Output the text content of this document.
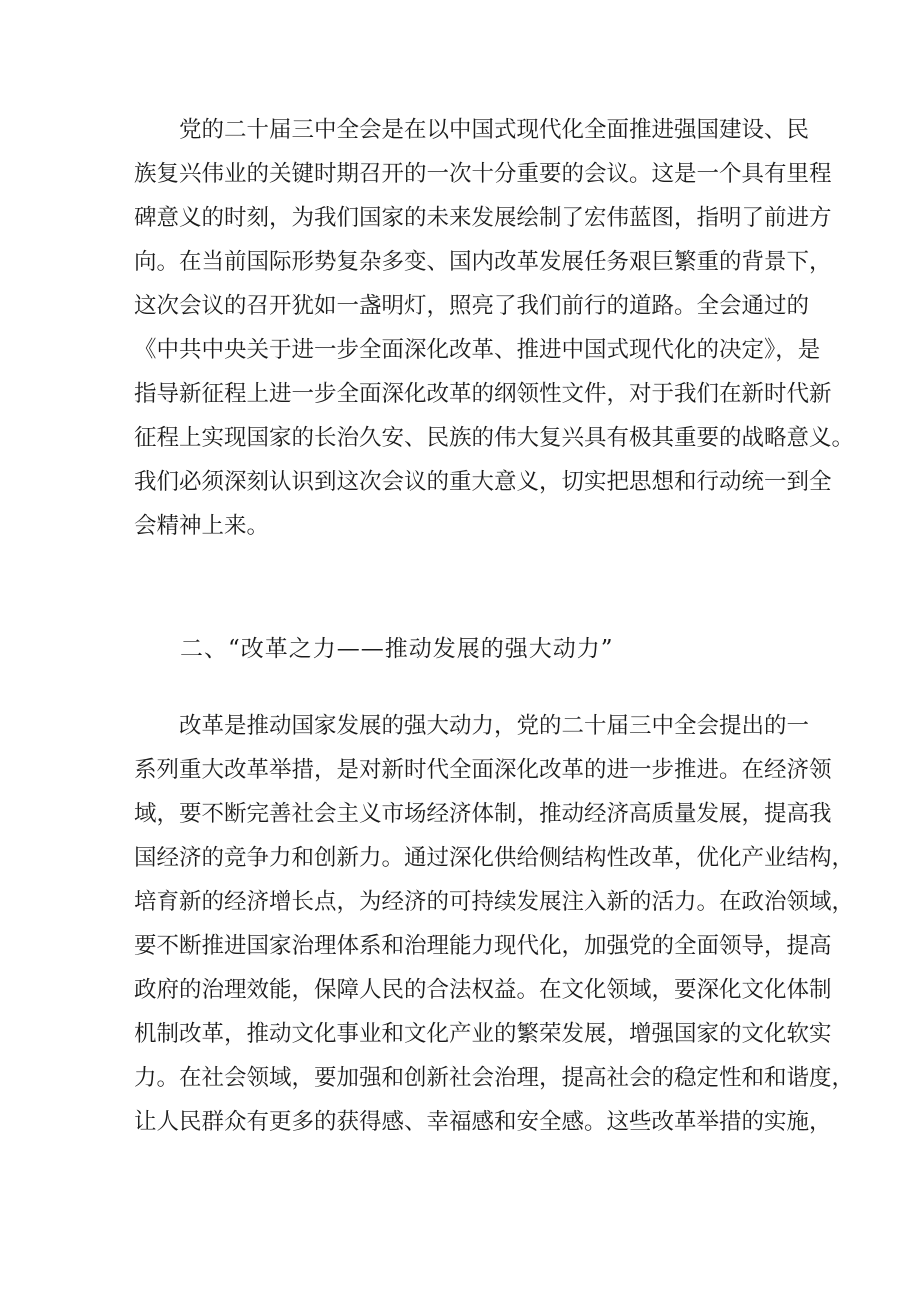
党的二十届三中全会是在以中国式现代化全面推进强国建设、民
族复兴伟业的关键时期召开的一次十分重要的会议。这是一个具有里程
碑意义的时刻，为我们国家的未来发展绘制了宏伟蓝图，指明了前进方
向。在当前国际形势复杂多变、国内改革发展任务艰巨繁重的背景下，
这次会议的召开犹如一盏明灯，照亮了我们前行的道路。全会通过的
《中共中央关于进一步全面深化改革、推进中国式现代化的决定》，是
指导新征程上进一步全面深化改革的纲领性文件，对于我们在新时代新
征程上实现国家的长治久安、民族的伟大复兴具有极其重要的战略意义。
我们必须深刻认识到这次会议的重大意义，切实把思想和行动统一到全
会精神上来。
二、“改革之力——推动发展的强大动力”
改革是推动国家发展的强大动力，党的二十届三中全会提出的一
系列重大改革举措，是对新时代全面深化改革的进一步推进。在经济领
域，要不断完善社会主义市场经济体制，推动经济高质量发展，提高我
国经济的竞争力和创新力。通过深化供给侧结构性改革，优化产业结构，
培育新的经济增长点，为经济的可持续发展注入新的活力。在政治领域，
要不断推进国家治理体系和治理能力现代化，加强党的全面领导，提高
政府的治理效能，保障人民的合法权益。在文化领域，要深化文化体制
机制改革，推动文化事业和文化产业的繁荣发展，增强国家的文化软实
力。在社会领域，要加强和创新社会治理，提高社会的稳定性和和谐度，
让人民群众有更多的获得感、幸福感和安全感。这些改革举措的实施，
